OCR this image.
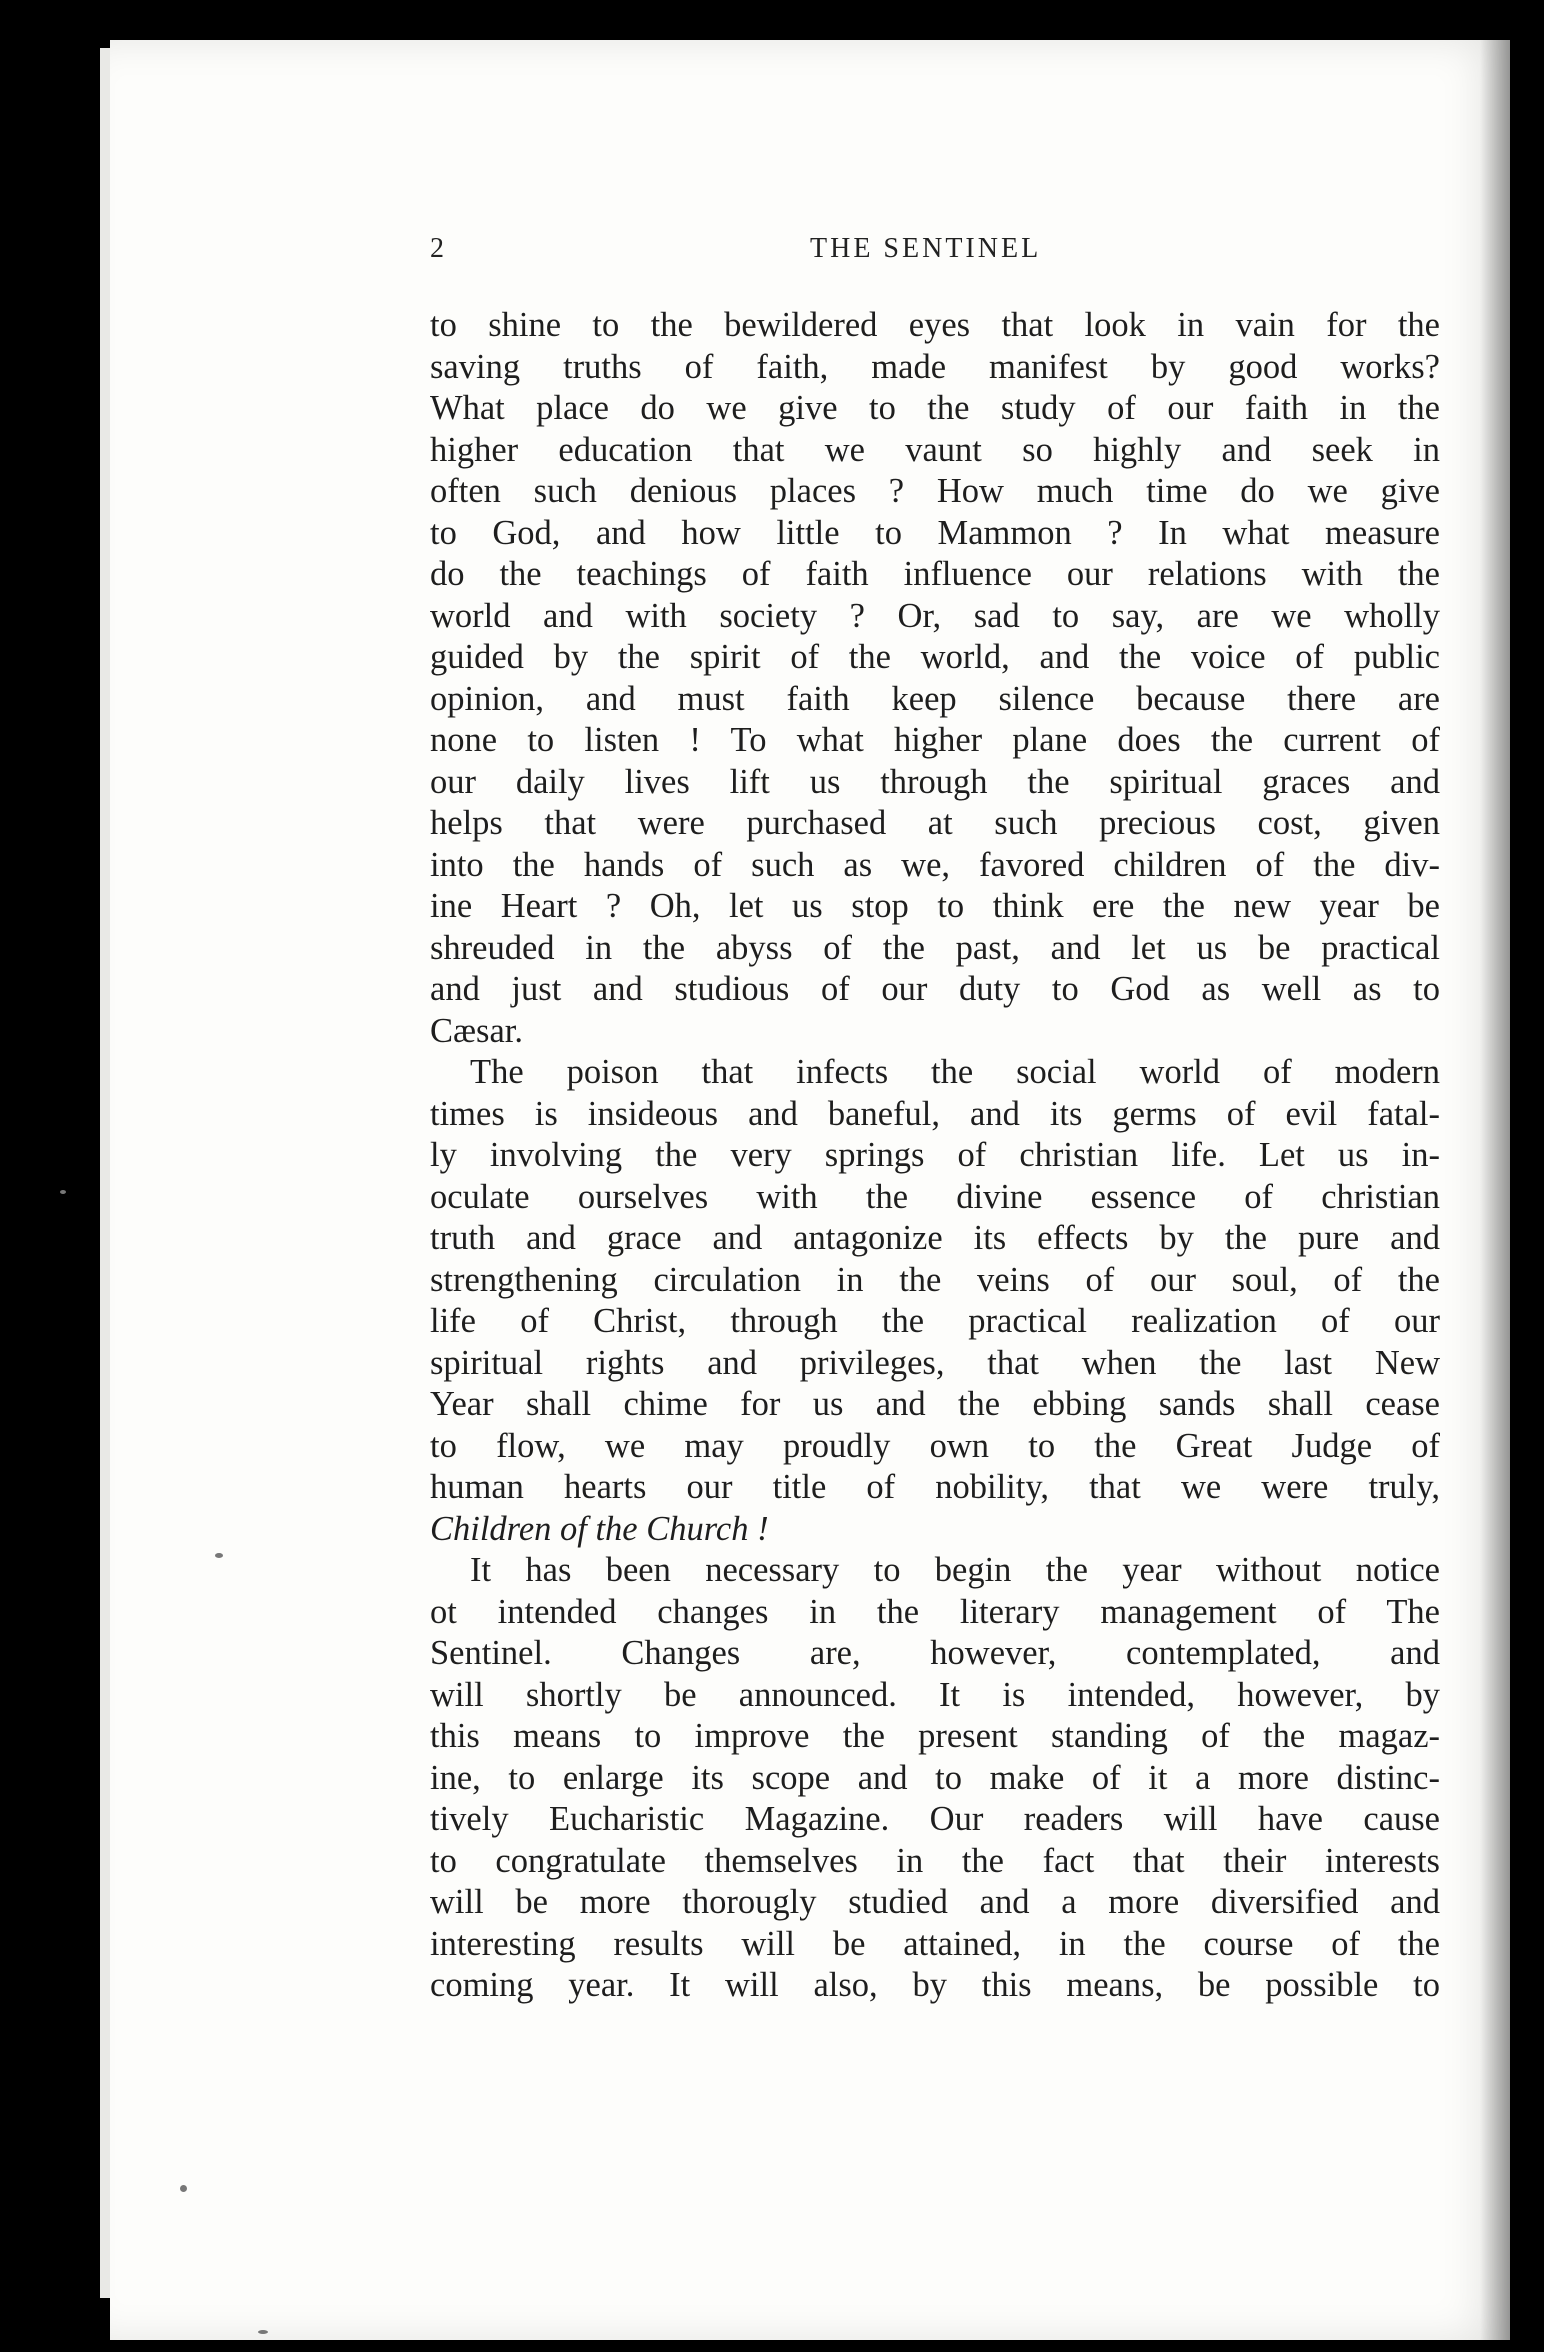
2	THE SENTINEL
to shine to the bewildered eyes that look in vain for the
saving truths of faith, made manifest by good works?
What place do we give to the study of our faith in the
higher education that we vaunt so highly and seek in
often such denious places ? How much time do we give
to God, and how little to Mammon ? In what measure
do the teachings of faith influence our relations with the
world and with society ? Or, sad to say, are we wholly
guided by the spirit of the world, and the voice of public
opinion, and must faith keep silence because there are
none to listen ! To what higher plane does the current of
our daily lives lift us through the spiritual graces and
helps that were purchased at such precious cost, given
into the hands of such as we, favored children of the div-
ine Heart ? Oh, let us stop to think ere the new year be
shreuded in the abyss of the past, and let us be practical
and just and studious of our duty to God as well as to
Cæsar.
The poison that infects the social world of modern
times is insideous and baneful, and its germs of evil fatal-
ly involving the very springs of christian life. Let us in-
oculate ourselves with the divine essence of christian
truth and grace and antagonize its effects by the pure and
strengthening circulation in the veins of our soul, of the
life of Christ, through the practical realization of our
spiritual rights and privileges, that when the last New
Year shall chime for us and the ebbing sands shall cease
to flow, we may proudly own to the Great Judge of
human hearts our title of nobility, that we were truly,
Children of the Church !
It has been necessary to begin the year without notice
ot intended changes in the literary management of The
Sentinel. Changes are, however, contemplated, and
will shortly be announced. It is intended, however, by
this means to improve the present standing of the magaz-
ine, to enlarge its scope and to make of it a more distinc-
tively Eucharistic Magazine. Our readers will have cause
to congratulate themselves in the fact that their interests
will be more thorougly studied and a more diversified and
interesting results will be attained, in the course of the
coming year. It will also, by this means, be possible to
